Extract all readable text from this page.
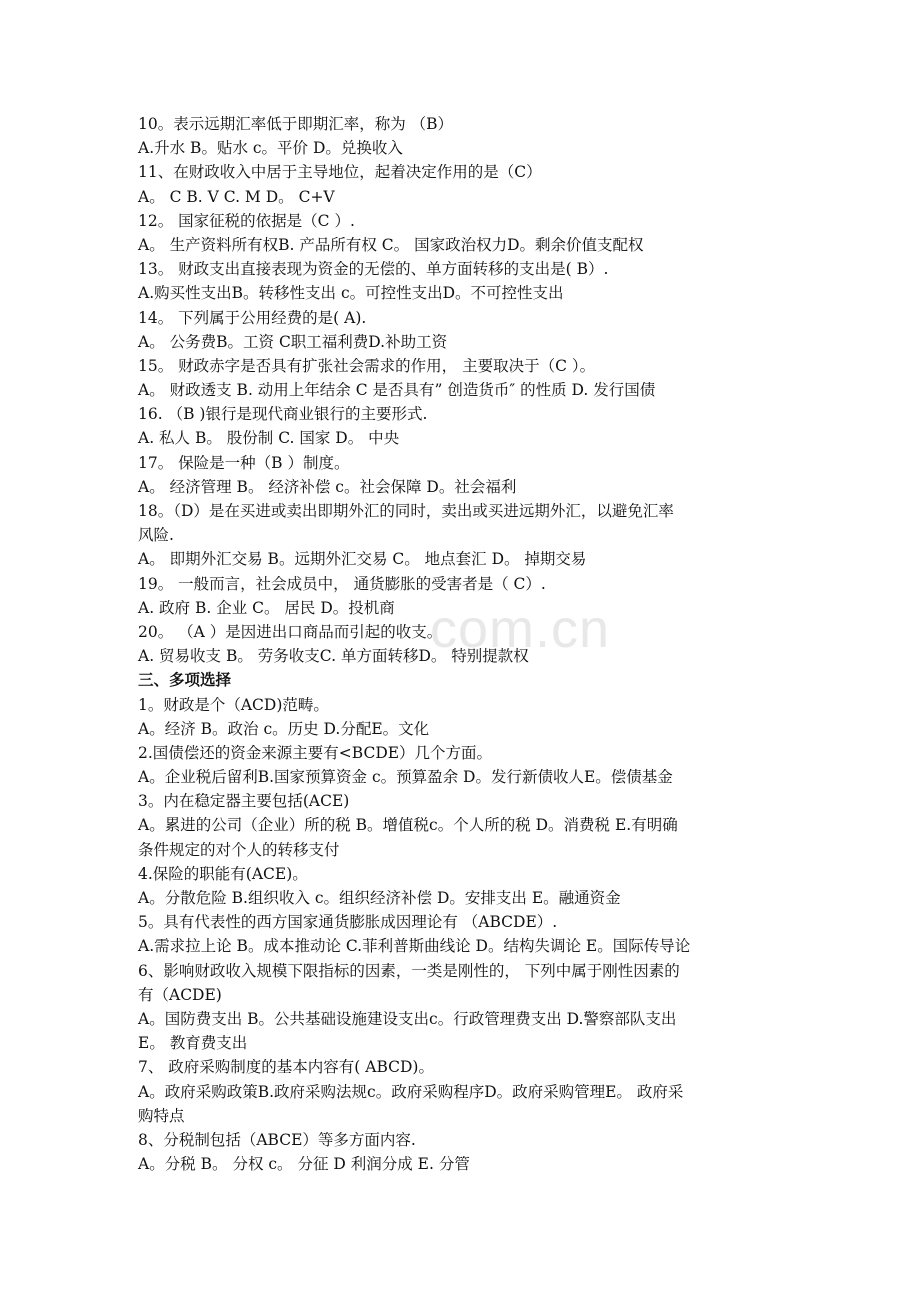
com.cn
10。表示远期汇率低于即期汇率，称为 （B）
A.升水 B。贴水 c。平价 D。兑换收入
11、在财政收入中居于主导地位，起着决定作用的是（C）
A。 C B. V C. M D。 C+V
12。 国家征税的依据是（C ）.
A。 生产资料所有权B. 产品所有权 C。 国家政治权力D。剩余价值支配权
13。 财政支出直接表现为资金的无偿的、单方面转移的支出是( B）.
A.购买性支出B。转移性支出 c。可控性支出D。不可控性支出
14。 下列属于公用经费的是( A).
A。 公务费B。工资 C职工福利费D.补助工资
15。 财政赤字是否具有扩张社会需求的作用， 主要取决于（C ）。
A。 财政透支 B. 动用上年结余 C 是否具有” 创造货币″ 的性质 D. 发行国债
16. （B )银行是现代商业银行的主要形式.
A. 私人 B。 股份制 C. 国家 D。 中央
17。 保险是一种（B ）制度。
A。 经济管理 B。 经济补偿 c。社会保障 D。社会福利
18。（D）是在买进或卖出即期外汇的同时，卖出或买进远期外汇，以避免汇率
风险.
A。 即期外汇交易 B。远期外汇交易 C。 地点套汇 D。 掉期交易
19。 一般而言，社会成员中， 通货膨胀的受害者是（ C）.
A. 政府 B. 企业 C。 居民 D。投机商
20。 （A ）是因进出口商品而引起的收支。
A. 贸易收支 B。 劳务收支C. 单方面转移D。 特别提款权
三、多项选择
1。财政是个（ACD)范畴。
A。经济 B。政治 c。历史 D.分配E。文化
2.国债偿还的资金来源主要有<BCDE）几个方面。
A。企业税后留利B.国家预算资金 c。预算盈余 D。发行新债收人E。偿债基金
3。内在稳定器主要包括(ACE)
A。累进的公司（企业）所的税 B。增值税c。个人所的税 D。消费税 E.有明确
条件规定的对个人的转移支付
4.保险的职能有(ACE)。
A。分散危险 B.组织收入 c。组织经济补偿 D。安排支出 E。融通资金
5。具有代表性的西方国家通货膨胀成因理论有 （ABCDE）.
A.需求拉上论 B。成本推动论 C.菲利普斯曲线论 D。结构失调论 E。国际传导论
6、影响财政收入规模下限指标的因素，一类是刚性的， 下列中属于刚性因素的
有（ACDE)
A。国防费支出 B。公共基础设施建设支出c。行政管理费支出 D.警察部队支出
E。 教育费支出
7、 政府采购制度的基本内容有( ABCD)。
A。政府采购政策B.政府采购法规c。政府采购程序D。政府采购管理E。 政府采
购特点
8、分税制包括（ABCE）等多方面内容.
A。分税 B。 分权 c。 分征 D 利润分成 E. 分管
